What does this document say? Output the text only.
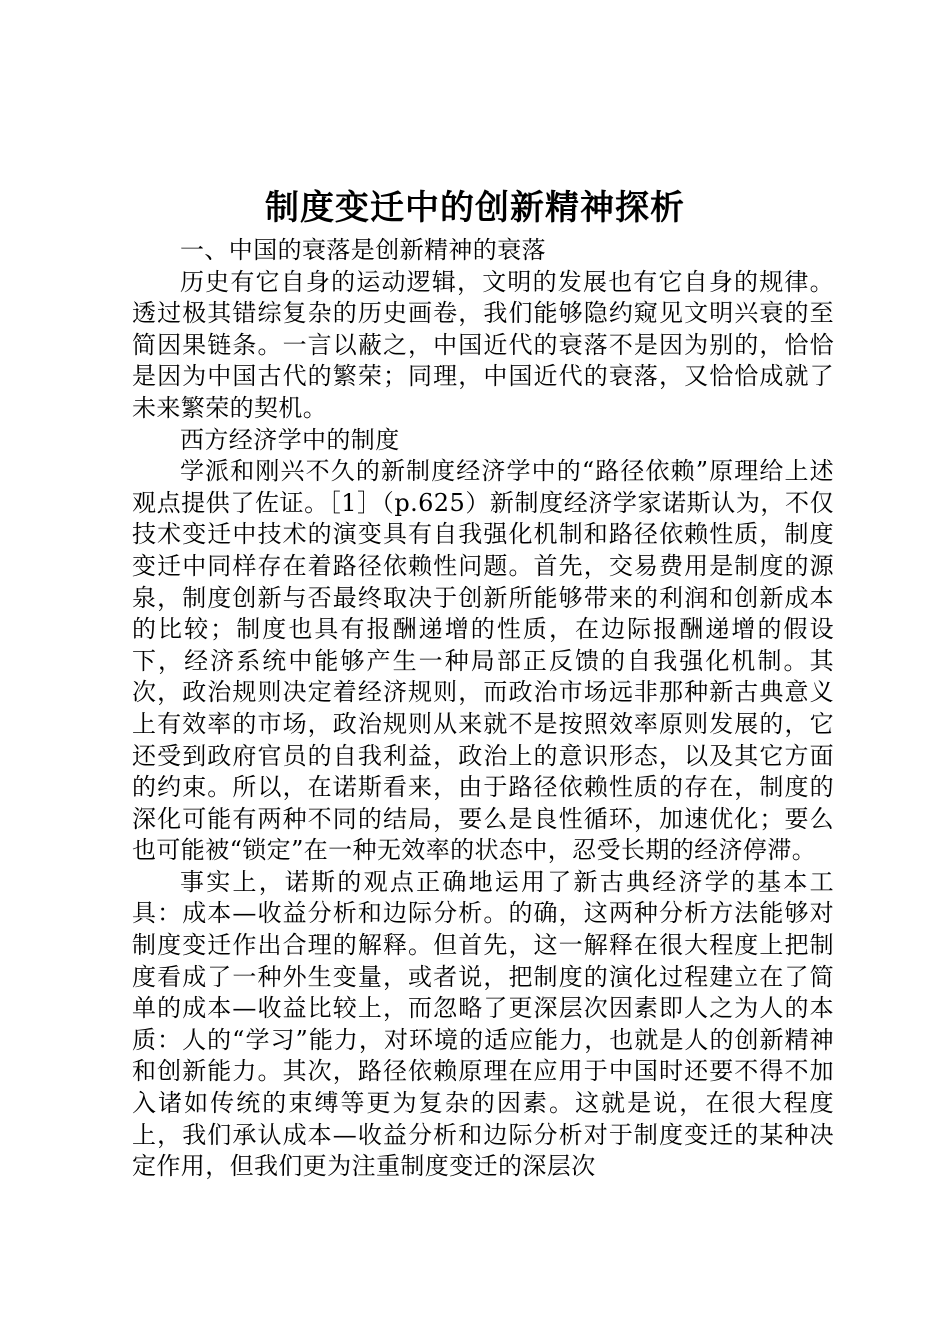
制度变迁中的创新精神探析

一、中国的衰落是创新精神的衰落

历史有它自身的运动逻辑，文明的发展也有它自身的规律。透过极其错综复杂的历史画卷，我们能够隐约窥见文明兴衰的至简因果链条。一言以蔽之，中国近代的衰落不是因为别的，恰恰是因为中国古代的繁荣；同理，中国近代的衰落，又恰恰成就了未来繁荣的契机。

西方经济学中的制度

学派和刚兴不久的新制度经济学中的“路径依赖”原理给上述观点提供了佐证。［1］（p.625）新制度经济学家诺斯认为，不仅技术变迁中技术的演变具有自我强化机制和路径依赖性质，制度变迁中同样存在着路径依赖性问题。首先，交易费用是制度的源泉，制度创新与否最终取决于创新所能够带来的利润和创新成本的比较；制度也具有报酬递增的性质，在边际报酬递增的假设下，经济系统中能够产生一种局部正反馈的自我强化机制。其次，政治规则决定着经济规则，而政治市场远非那种新古典意义上有效率的市场，政治规则从来就不是按照效率原则发展的，它还受到政府官员的自我利益，政治上的意识形态，以及其它方面的约束。所以，在诺斯看来，由于路径依赖性质的存在，制度的深化可能有两种不同的结局，要么是良性循环，加速优化；要么也可能被“锁定”在一种无效率的状态中，忍受长期的经济停滞。

事实上，诺斯的观点正确地运用了新古典经济学的基本工具：成本—收益分析和边际分析。的确，这两种分析方法能够对制度变迁作出合理的解释。但首先，这一解释在很大程度上把制度看成了一种外生变量，或者说，把制度的演化过程建立在了简单的成本—收益比较上，而忽略了更深层次因素即人之为人的本质：人的“学习”能力，对环境的适应能力，也就是人的创新精神和创新能力。其次，路径依赖原理在应用于中国时还要不得不加入诸如传统的束缚等更为复杂的因素。这就是说，在很大程度上，我们承认成本—收益分析和边际分析对于制度变迁的某种决定作用，但我们更为注重制度变迁的深层次
